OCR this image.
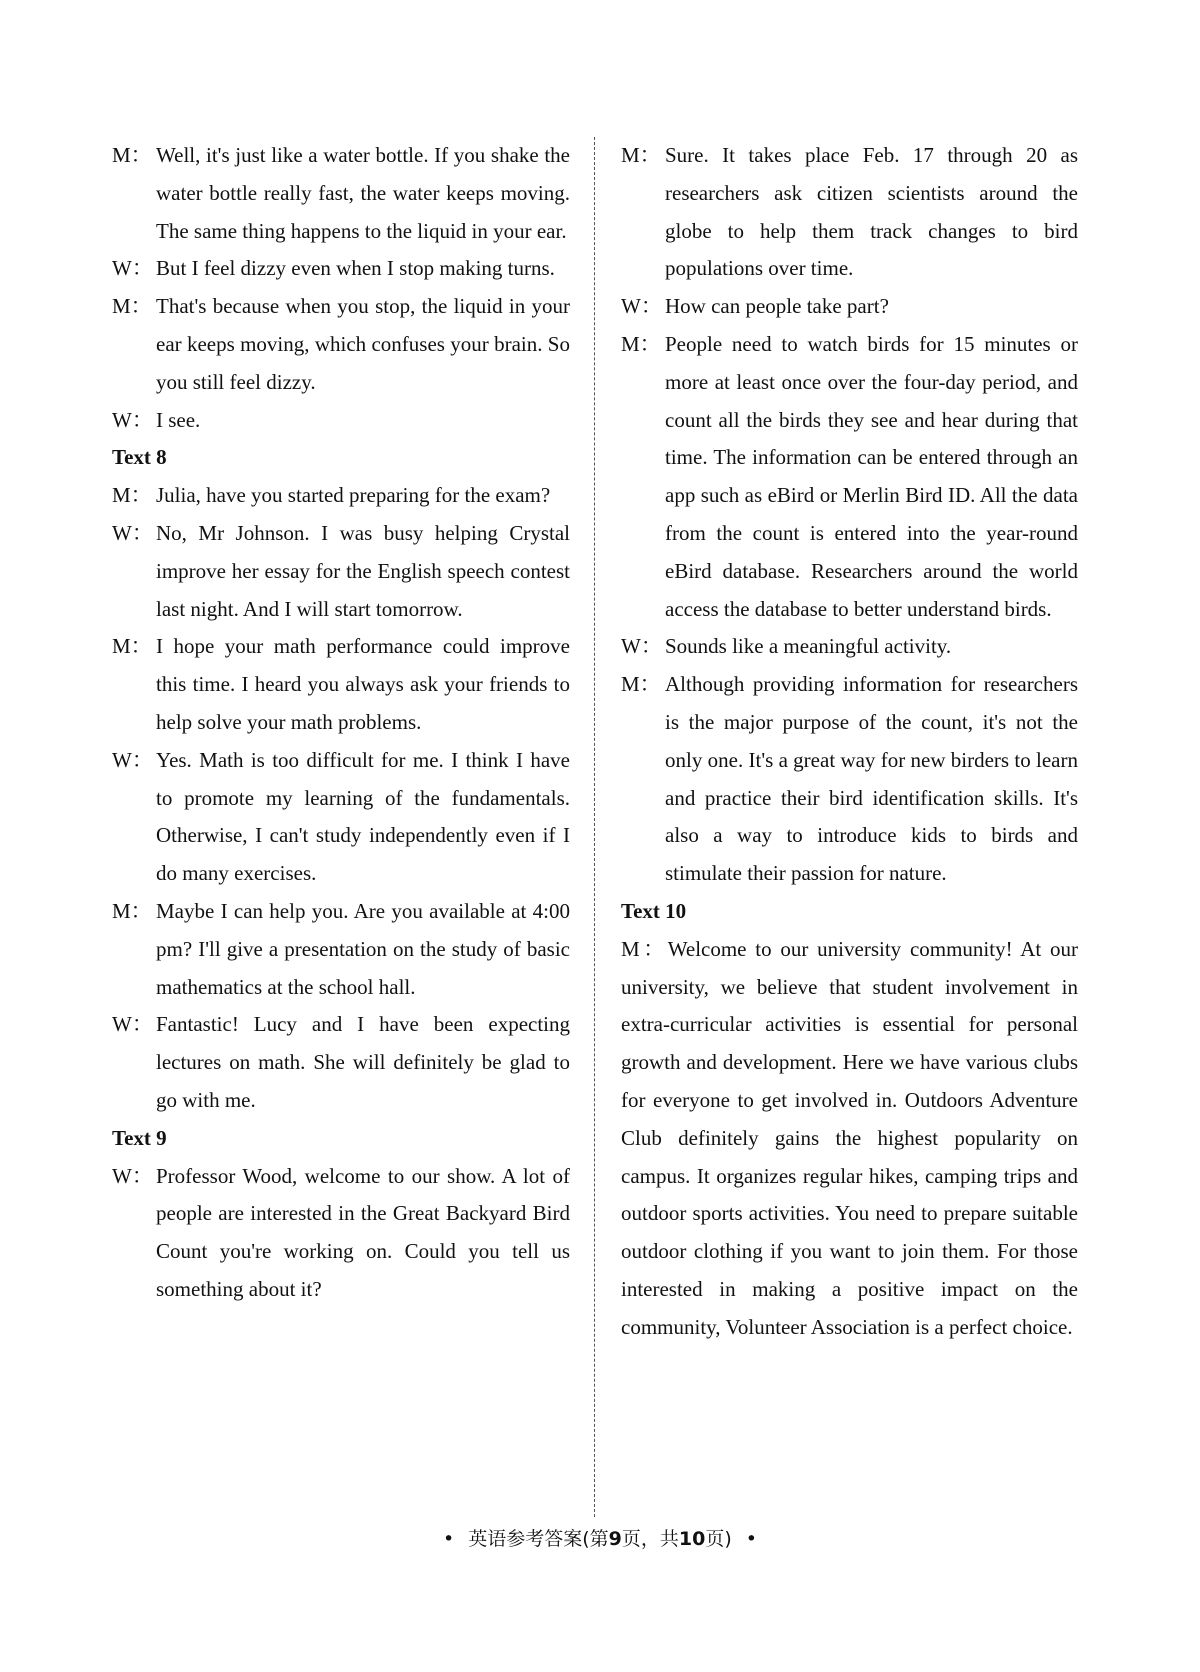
M： Well, it's just like a water bottle. If you shake the water bottle really fast, the water keeps moving. The same thing happens to the liquid in your ear.
W： But I feel dizzy even when I stop making turns.
M： That's because when you stop, the liquid in your ear keeps moving, which confuses your brain. So you still feel dizzy.
W： I see.
Text 8
M： Julia, have you started preparing for the exam?
W： No, Mr Johnson. I was busy helping Crystal improve her essay for the English speech contest last night. And I will start tomorrow.
M： I hope your math performance could improve this time. I heard you always ask your friends to help solve your math problems.
W： Yes. Math is too difficult for me. I think I have to promote my learning of the fundamentals. Otherwise, I can't study independently even if I do many exercises.
M： Maybe I can help you. Are you available at 4:00 pm? I'll give a presentation on the study of basic mathematics at the school hall.
W： Fantastic! Lucy and I have been expecting lectures on math. She will definitely be glad to go with me.
Text 9
W： Professor Wood, welcome to our show. A lot of people are interested in the Great Backyard Bird Count you're working on. Could you tell us something about it?
M： Sure. It takes place Feb. 17 through 20 as researchers ask citizen scientists around the globe to help them track changes to bird populations over time.
W： How can people take part?
M： People need to watch birds for 15 minutes or more at least once over the four-day period, and count all the birds they see and hear during that time. The information can be entered through an app such as eBird or Merlin Bird ID. All the data from the count is entered into the year-round eBird database. Researchers around the world access the database to better understand birds.
W： Sounds like a meaningful activity.
M： Although providing information for researchers is the major purpose of the count, it's not the only one. It's a great way for new birders to learn and practice their bird identification skills. It's also a way to introduce kids to birds and stimulate their passion for nature.
Text 10
M：Welcome to our university community! At our university, we believe that student involvement in extra-curricular activities is essential for personal growth and development. Here we have various clubs for everyone to get involved in. Outdoors Adventure Club definitely gains the highest popularity on campus. It organizes regular hikes, camping trips and outdoor sports activities. You need to prepare suitable outdoor clothing if you want to join them. For those interested in making a positive impact on the community, Volunteer Association is a perfect choice.
• 英语参考答案(第9页，共10页) •
